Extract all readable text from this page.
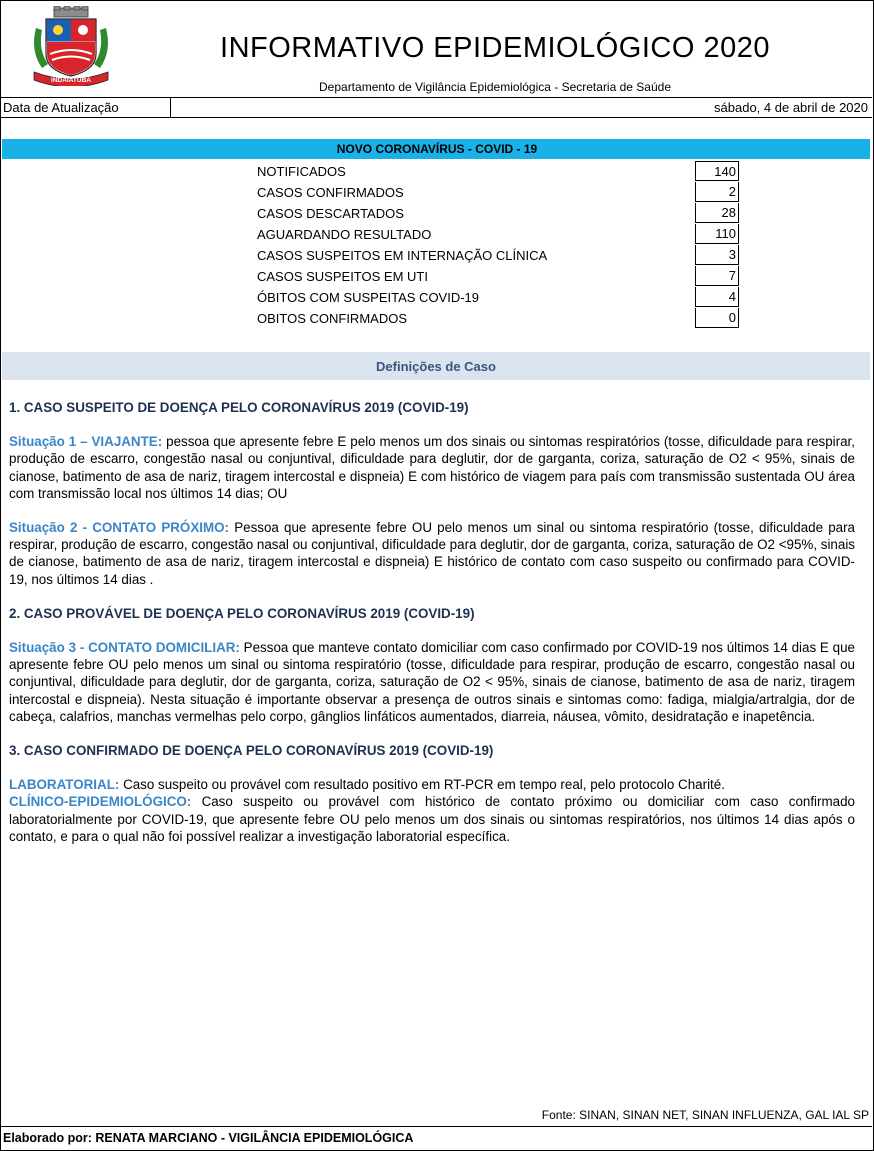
INDAIATUBA
INFORMATIVO EPIDEMIOLÓGICO 2020
Departamento de Vigilância Epidemiológica - Secretaria de Saúde
Data de Atualização	sábado, 4 de abril de 2020
NOVO CORONAVÍRUS - COVID - 19
NOTIFICADOS	140
CASOS CONFIRMADOS	2
CASOS DESCARTADOS	28
AGUARDANDO RESULTADO	110
CASOS SUSPEITOS EM INTERNAÇÃO CLÍNICA	3
CASOS SUSPEITOS EM UTI	7
ÓBITOS COM SUSPEITAS COVID-19	4
OBITOS CONFIRMADOS	0
Definições de Caso
1. CASO SUSPEITO DE DOENÇA PELO CORONAVÍRUS 2019 (COVID-19)

Situação 1 – VIAJANTE: pessoa que apresente febre E pelo menos um dos sinais ou sintomas respiratórios (tosse, dificuldade para respirar, produção de escarro, congestão nasal ou conjuntival, dificuldade para deglutir, dor de garganta, coriza, saturação de O2 < 95%, sinais de cianose, batimento de asa de nariz, tiragem intercostal e dispneia) E com histórico de viagem para país com transmissão sustentada OU área com transmissão local nos últimos 14 dias; OU

Situação 2 - CONTATO PRÓXIMO: Pessoa que apresente febre OU pelo menos um sinal ou sintoma respiratório (tosse, dificuldade para respirar, produção de escarro, congestão nasal ou conjuntival, dificuldade para deglutir, dor de garganta, coriza, saturação de O2 <95%, sinais de cianose, batimento de asa de nariz, tiragem intercostal e dispneia) E histórico de contato com caso suspeito ou confirmado para COVID-19, nos últimos 14 dias .

2. CASO PROVÁVEL DE DOENÇA PELO CORONAVÍRUS 2019 (COVID-19)

Situação 3 - CONTATO DOMICILIAR: Pessoa que manteve contato domiciliar com caso confirmado por COVID-19 nos últimos 14 dias E que apresente febre OU pelo menos um sinal ou sintoma respiratório (tosse, dificuldade para respirar, produção de escarro, congestão nasal ou conjuntival, dificuldade para deglutir, dor de garganta, coriza, saturação de O2 < 95%, sinais de cianose, batimento de asa de nariz, tiragem intercostal e dispneia). Nesta situação é importante observar a presença de outros sinais e sintomas como: fadiga, mialgia/artralgia, dor de cabeça, calafrios, manchas vermelhas pelo corpo, gânglios linfáticos aumentados, diarreia, náusea, vômito, desidratação e inapetência.

3. CASO CONFIRMADO DE DOENÇA PELO CORONAVÍRUS 2019 (COVID-19)

LABORATORIAL: Caso suspeito ou provável com resultado positivo em RT-PCR em tempo real, pelo protocolo Charité.

CLÍNICO-EPIDEMIOLÓGICO: Caso suspeito ou provável com histórico de contato próximo ou domiciliar com caso confirmado laboratorialmente por COVID-19, que apresente febre OU pelo menos um dos sinais ou sintomas respiratórios, nos últimos 14 dias após o contato, e para o qual não foi possível realizar a investigação laboratorial específica.

Fonte: SINAN, SINAN NET, SINAN INFLUENZA, GAL IAL SP
Elaborado por: RENATA MARCIANO - VIGILÂNCIA EPIDEMIOLÓGICA
